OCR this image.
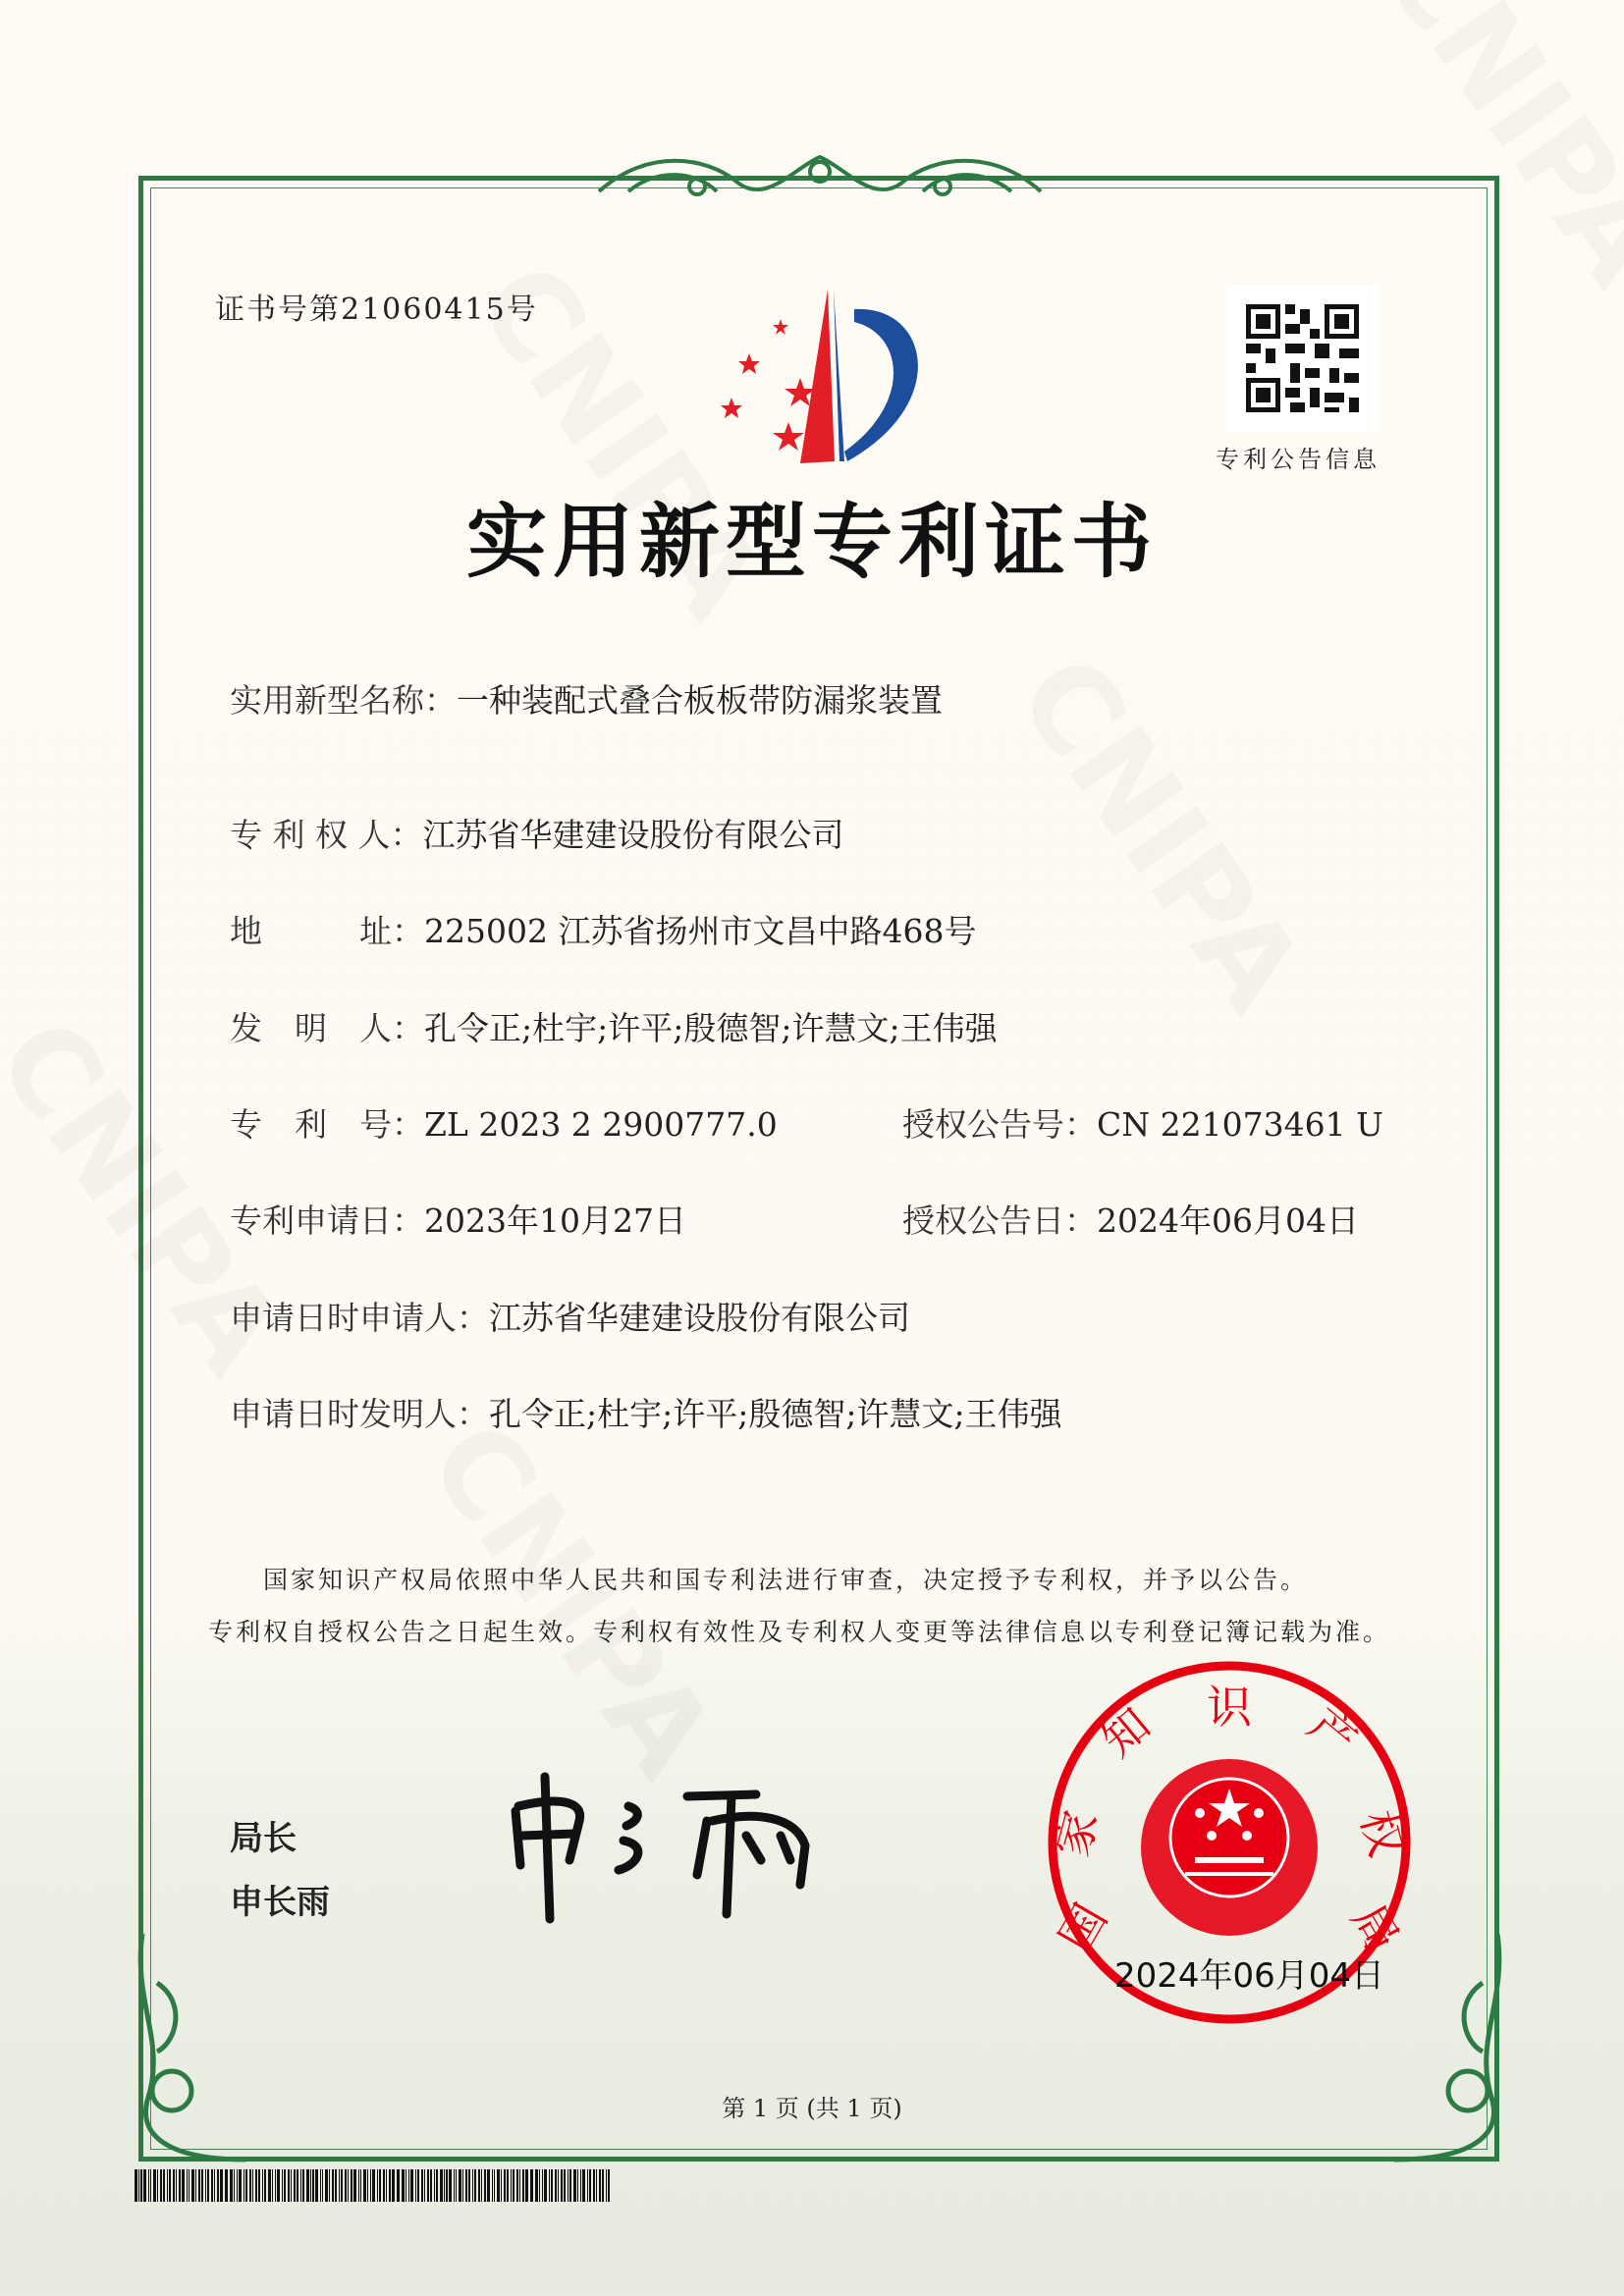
证书号第21060415号
专利公告信息
实用新型专利证书
实用新型名称：一种装配式叠合板板带防漏浆装置
专 利 权 人：江苏省华建建设股份有限公司
地　　　址：225002 江苏省扬州市文昌中路468号
发　明　人：孔令正;杜宇;许平;殷德智;许慧文;王伟强
专　利　号：ZL 2023 2 2900777.0
专利申请日：2023年10月27日
申请日时申请人：江苏省华建建设股份有限公司
申请日时发明人：孔令正;杜宇;许平;殷德智;许慧文;王伟强
授权公告号：CN 221073461 U
授权公告日：2024年06月04日
国家知识产权局依照中华人民共和国专利法进行审查，决定授予专利权，并予以公告。
专利权自授权公告之日起生效。专利权有效性及专利权人变更等法律信息以专利登记簿记载为准。
局长
申长雨	国
家
知 识 产
权
局
2024年06月04日
第 1 页 (共 1 页)
